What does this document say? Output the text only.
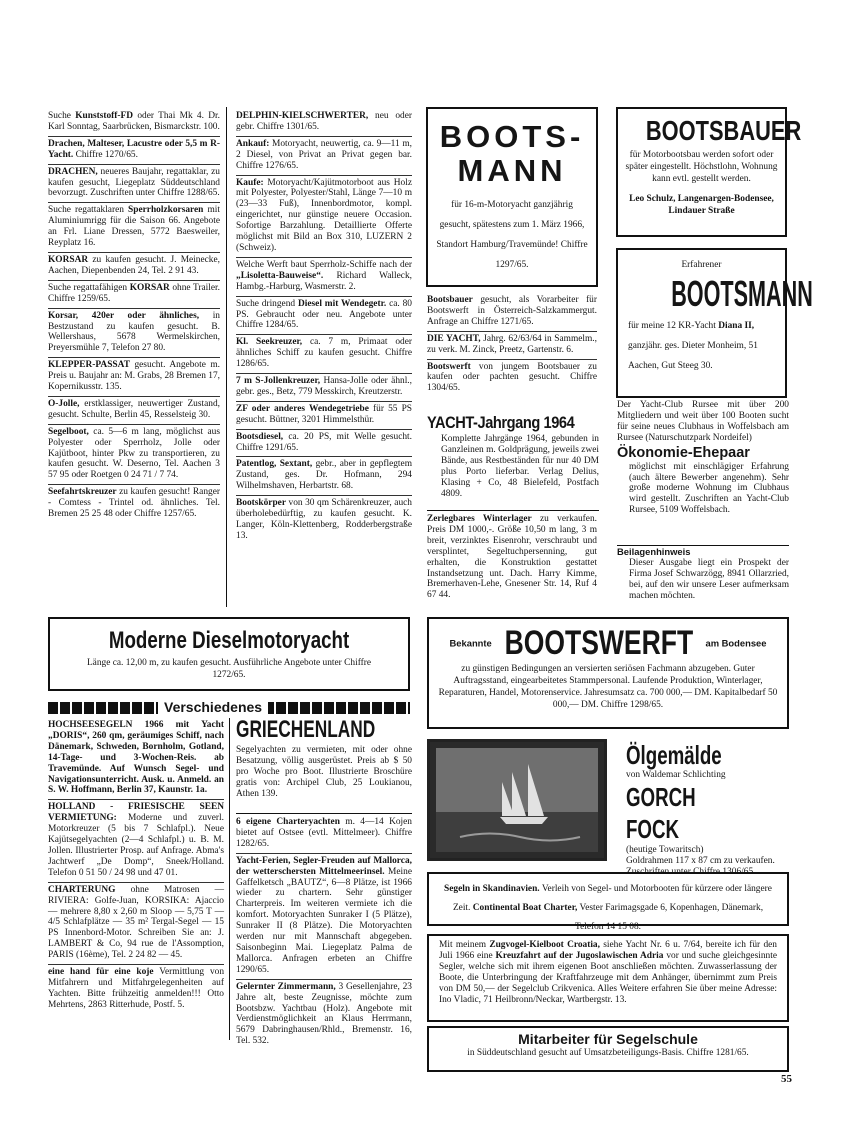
Suche Kunststoff-FD oder Thai Mk 4. Dr. Karl Sonntag, Saarbrücken, Bismarckstr. 100.
Drachen, Malteser, Lacustre oder 5,5 m R-Yacht. Chiffre 1270/65.
DRACHEN, neueres Baujahr, regattaklar, zu kaufen gesucht, Liegeplatz Süddeutschland bevorzugt. Zuschriften unter Chiffre 1288/65.
Suche regattaklaren Sperrholzkorsaren mit Aluminiumrigg für die Saison 66. Angebote an Frl. Liane Dressen, 5772 Baesweiler, Reyplatz 16.
KORSAR zu kaufen gesucht. J. Meinecke, Aachen, Diepenbenden 24, Tel. 2 91 43.
Suche regattafähigen KORSAR ohne Trailer. Chiffre 1259/65.
Korsar, 420er oder ähnliches, in Bestzustand zu kaufen gesucht. B. Wellershaus, 5678 Wermelskirchen, Preyersmühle 7, Telefon 27 80.
KLEPPER-PASSAT gesucht. Angebote m. Preis u. Baujahr an: M. Grabs, 28 Bremen 17, Kopernikusstr. 135.
O-Jolle, erstklassiger, neuwertiger Zustand, gesucht. Schulte, Berlin 45, Resselsteig 30.
Segelboot, ca. 5—6 m lang, möglichst aus Polyester oder Sperrholz, Jolle oder Kajütboot, hinter Pkw zu transportieren, zu kaufen gesucht. W. Deserno, Tel. Aachen 3 57 95 oder Roetgen 0 24 71 / 7 74.
Seefahrtskreuzer zu kaufen gesucht! Ranger - Comtess - Trintel od. ähnliches. Tel. Bremen 25 25 48 oder Chiffre 1257/65.
DELPHIN-KIELSCHWERTER, neu oder gebr. Chiffre 1301/65.
Ankauf: Motoryacht, neuwertig, ca. 9—11 m, 2 Diesel, von Privat an Privat gegen bar. Chiffre 1276/65.
Kaufe: Motoryacht/Kajütmotorboot aus Holz mit Polyester, Polyester/Stahl, Länge 7—10 m (23—33 Fuß), Innenbordmotor, kompl. eingerichtet, nur günstige neuere Occasion. Sofortige Barzahlung. Detaillierte Offerte möglichst mit Bild an Box 310, LUZERN 2 (Schweiz).
Welche Werft baut Sperrholz-Schiffe nach der „Lisoletta-Bauweise“. Richard Walleck, Hambg.-Harburg, Wasmerstr. 2.
Suche dringend Diesel mit Wendegetr. ca. 80 PS. Gebraucht oder neu. Angebote unter Chiffre 1284/65.
Kl. Seekreuzer, ca. 7 m, Primaat oder ähnliches Schiff zu kaufen gesucht. Chiffre 1286/65.
7 m S-Jollenkreuzer, Hansa-Jolle oder ähnl., gebr. ges., Betz, 779 Messkirch, Kreutzerstr.
ZF oder anderes Wendegetriebe für 55 PS gesucht. Büttner, 3201 Himmelsthür.
Bootsdiesel, ca. 20 PS, mit Welle gesucht. Chiffre 1291/65.
Patentlog, Sextant, gebr., aber in gepflegtem Zustand, ges. Dr. Hofmann, 294 Wilhelmshaven, Herbartstr. 68.
Bootskörper von 30 qm Schärenkreuzer, auch überholebedürftig, zu kaufen gesucht. K. Langer, Köln-Klettenberg, Rodderbergstraße 13.
BOOTS-
MANN
für 16-m-Motoryacht ganzjährig gesucht, spätestens zum 1. März 1966, Standort Hamburg/Travemünde! Chiffre 1297/65.
Bootsbauer gesucht, als Vorarbeiter für Bootswerft in Österreich-Salzkammergut. Anfrage an Chiffre 1271/65.
DIE YACHT, Jahrg. 62/63/64 in Sammelm., zu verk. M. Zinck, Preetz, Gartenstr. 6.
Bootswerft von jungem Bootsbauer zu kaufen oder pachten gesucht. Chiffre 1304/65.
YACHT-Jahrgang 1964
Komplette Jahrgänge 1964, gebunden in Ganzleinen m. Goldprägung, jeweils zwei Bände, aus Restbeständen für nur 40 DM plus Porto lieferbar. Verlag Delius, Klasing + Co, 48 Bielefeld, Postfach 4809.
Zerlegbares Winterlager zu verkaufen. Preis DM 1000,-. Größe 10,50 m lang, 3 m breit, verzinktes Eisenrohr, verschraubt und versplintet, Segeltuchpersenning, gut erhalten, die Konstruktion gestattet Instandsetzung unt. Dach. Harry Kimme, Bremerhaven-Lehe, Gnesener Str. 14, Ruf 4 67 44.
BOOTSBAUER
für Motorbootsbau werden sofort oder später eingestellt. Höchstlohn, Wohnung kann evtl. gestellt werden.
Leo Schulz, Langenargen-Bodensee, Lindauer Straße
Erfahrener
BOOTSMANN
für meine 12 KR-Yacht Diana II, ganzjähr. ges. Dieter Monheim, 51 Aachen, Gut Steeg 30.
Der Yacht-Club Rursee mit über 200 Mitgliedern und weit über 100 Booten sucht für seine neues Clubhaus in Woffelsbach am Rursee (Naturschutzpark Nordeifel)
Ökonomie-Ehepaar
möglichst mit einschlägiger Erfahrung (auch ältere Bewerber angenehm). Sehr große moderne Wohnung im Clubhaus wird gestellt. Zuschriften an Yacht-Club Rursee, 5109 Woffelsbach.
Beilagenhinweis
Dieser Ausgabe liegt ein Prospekt der Firma Josef Schwarzögg, 8941 Ollarzried, bei, auf den wir unsere Leser aufmerksam machen möchten.
Moderne Dieselmotoryacht
Länge ca. 12,00 m, zu kaufen gesucht. Ausführliche Angebote unter Chiffre 1272/65.
Bekannte BOOTSWERFT am Bodensee
zu günstigen Bedingungen an versierten seriösen Fachmann abzugeben. Guter Auftragsstand, eingearbeitetes Stammpersonal. Laufende Produktion, Winterlager, Reparaturen, Handel, Motorenservice. Jahresumsatz ca. 700 000,— DM. Kapitalbedarf 50 000,— DM. Chiffre 1298/65.
Verschiedenes
HOCHSEESEGELN 1966 mit Yacht „DORIS“, 260 qm, geräumiges Schiff, nach Dänemark, Schweden, Bornholm, Gotland, 14-Tage- und 3-Wochen-Reis. ab Travemünde. Auf Wunsch Segel- und Navigationsunterricht. Ausk. u. Anmeld. an S. W. Hoffmann, Berlin 37, Kaunstr. 1a.
HOLLAND - FRIESISCHE SEEN VERMIETUNG: Moderne und zuverl. Motorkreuzer (5 bis 7 Schlafpl.). Neue Kajütsegelyachten (2—4 Schlafpl.) u. B. M. Jollen. Illustrierter Prosp. auf Anfrage. Abma's Jachtwerf „De Domp“, Sneek/Holland. Telefon 0 51 50 / 24 98 und 47 01.
CHARTERUNG ohne Matrosen — RIVIERA: Golfe-Juan, KORSIKA: Ajaccio — mehrere 8,80 x 2,60 m Sloop — 5,75 T — 4/5 Schlafplätze — 35 m² Tergal-Segel — 15 PS Innenbord-Motor. Schreiben Sie an: J. LAMBERT & Co, 94 rue de l'Assomption, PARIS (16ème), Tel. 2 24 82 — 45.
eine hand für eine koje Vermittlung von Mitfahrern und Mitfahrgelegenheiten auf Yachten. Bitte frühzeitig anmelden!!! Otto Mehrtens, 2863 Ritterhude, Postf. 5.
GRIECHENLAND
Segelyachten zu vermieten, mit oder ohne Besatzung, völlig ausgerüstet. Preis ab $ 50 pro Woche pro Boot. Illustrierte Broschüre gratis von: Archipel Club, 25 Loukianou, Athen 139.
6 eigene Charteryachten m. 4—14 Kojen bietet auf Ostsee (evtl. Mittelmeer). Chiffre 1282/65.
Yacht-Ferien, Segler-Freuden auf Mallorca, der wetterschersten Mittelmeerinsel. Meine Gaffelketsch „BAUTZ“, 6—8 Plätze, ist 1966 wieder zu chartern. Sehr günstiger Charterpreis. Im weiteren vermiete ich die komfort. Motoryachten Sunraker I (5 Plätze), Sunraker II (8 Plätze). Die Motoryachten werden nur mit Mannschaft abgegeben. Saisonbeginn Mai. Liegeplatz Palma de Mallorca. Anfragen erbeten an Chiffre 1290/65.
Gelernter Zimmermann, 3 Gesellenjahre, 23 Jahre alt, beste Zeugnisse, möchte zum Bootsbzw. Yachtbau (Holz). Angebote mit Verdienstmöglichkeit an Klaus Herrmann, 5679 Dabringhausen/Rhld., Bremenstr. 16, Tel. 532.
Ölgemälde
von Waldemar Schlichting
GORCH FOCK
(heutige Towaritsch)
Goldrahmen 117 x 87 cm zu verkaufen. Zuschriften unter Chiffre 1306/65.
Segeln in Skandinavien. Verleih von Segel- und Motorbooten für kürzere oder längere Zeit. Continental Boat Charter, Vester Farimagsgade 6, Kopenhagen, Dänemark, Telefon 14 15 08.
Mit meinem Zugvogel-Kielboot Croatia, siehe Yacht Nr. 6 u. 7/64, bereite ich für den Juli 1966 eine Kreuzfahrt auf der Jugoslawischen Adria vor und suche gleichgesinnte Segler, welche sich mit ihrem eigenen Boot anschließen möchten. Zuwasserlassung der Boote, die Unterbringung der Kraftfahrzeuge mit dem Anhänger, übernimmt zum Preis von DM 50,— der Segelclub Crikvenica. Alles Weitere erfahren Sie über meine Adresse: Ino Vladic, 71 Heilbronn/Neckar, Wartbergstr. 13.
Mitarbeiter für Segelschule
in Süddeutschland gesucht auf Umsatzbeteiligungs-Basis. Chiffre 1281/65.
55
